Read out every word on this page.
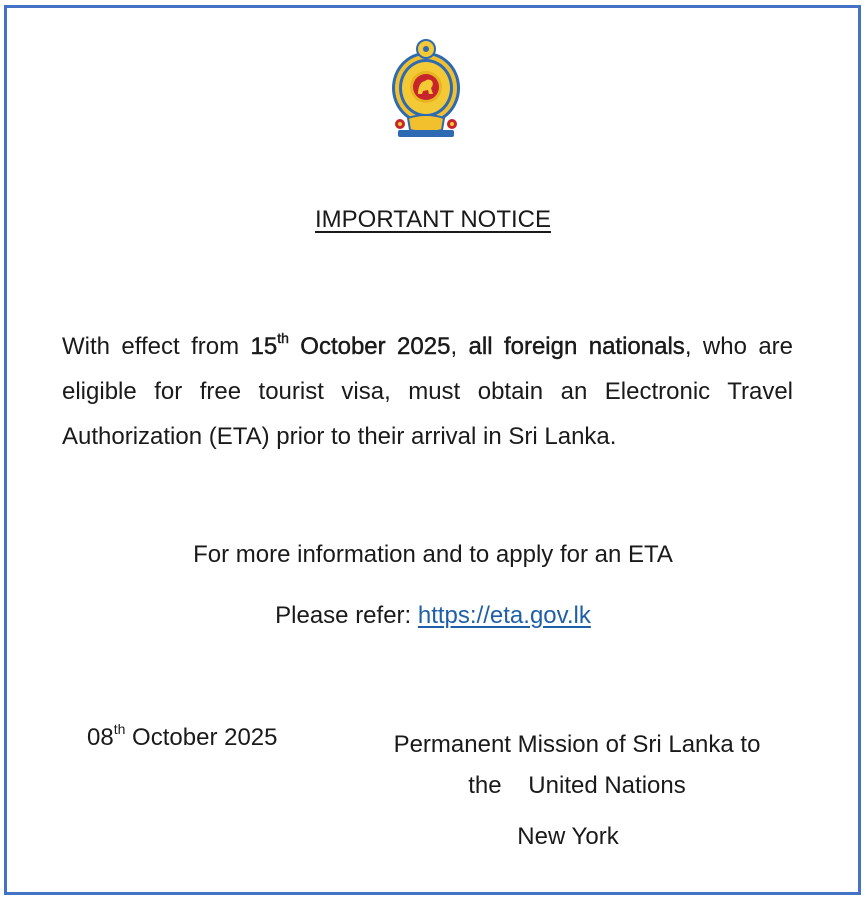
IMPORTANT NOTICE
With effect from 15th October 2025, all foreign nationals, who are eligible for free tourist visa, must obtain an Electronic Travel Authorization (ETA) prior to their arrival in Sri Lanka.
For more information and to apply for an ETA
Please refer: https://eta.gov.lk
08th October 2025	Permanent Mission of Sri Lanka to
the    United Nations
New York
